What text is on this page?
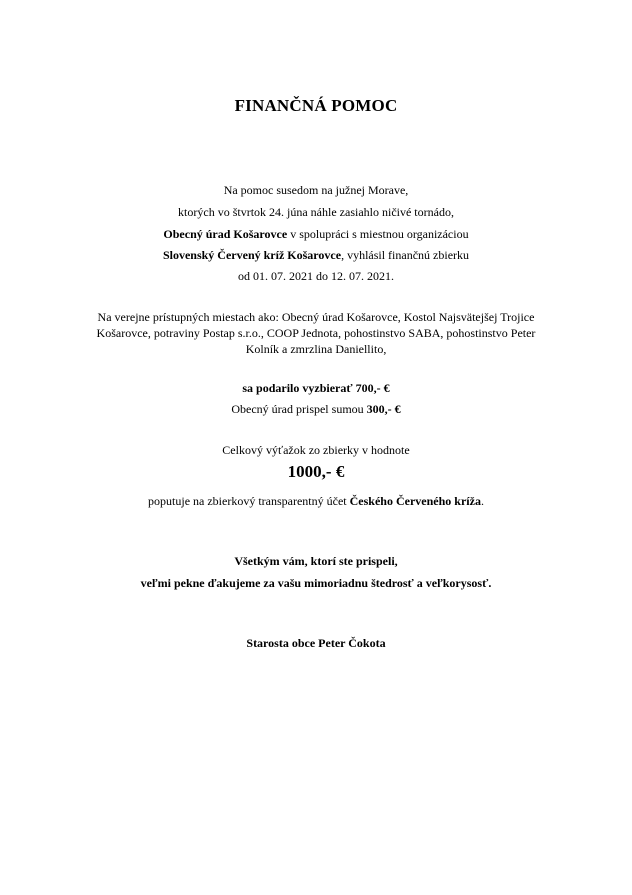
FINANČNÁ POMOC
Na pomoc susedom na južnej Morave,
ktorých vo štvrtok 24. júna náhle zasiahlo ničivé tornádo,
Obecný úrad Košarovce v spolupráci s miestnou organizáciou
Slovenský Červený kríž Košarovce, vyhlásil finančnú zbierku
od 01. 07. 2021 do 12. 07. 2021.
Na verejne prístupných miestach ako: Obecný úrad Košarovce, Kostol Najsvätejšej Trojice
Košarovce, potraviny Postap s.r.o., COOP Jednota, pohostinstvo SABA, pohostinstvo Peter
Kolník a zmrzlina Daniellito,
sa podarilo vyzbierať 700,- €
Obecný úrad prispel sumou 300,- €
Celkový výťažok zo zbierky v hodnote
1000,- €
poputuje na zbierkový transparentný účet Českého Červeného kríža.
Všetkým vám, ktorí ste prispeli,
veľmi pekne ďakujeme za vašu mimoriadnu štedrosť a veľkorysosť.
Starosta obce Peter Čokota
